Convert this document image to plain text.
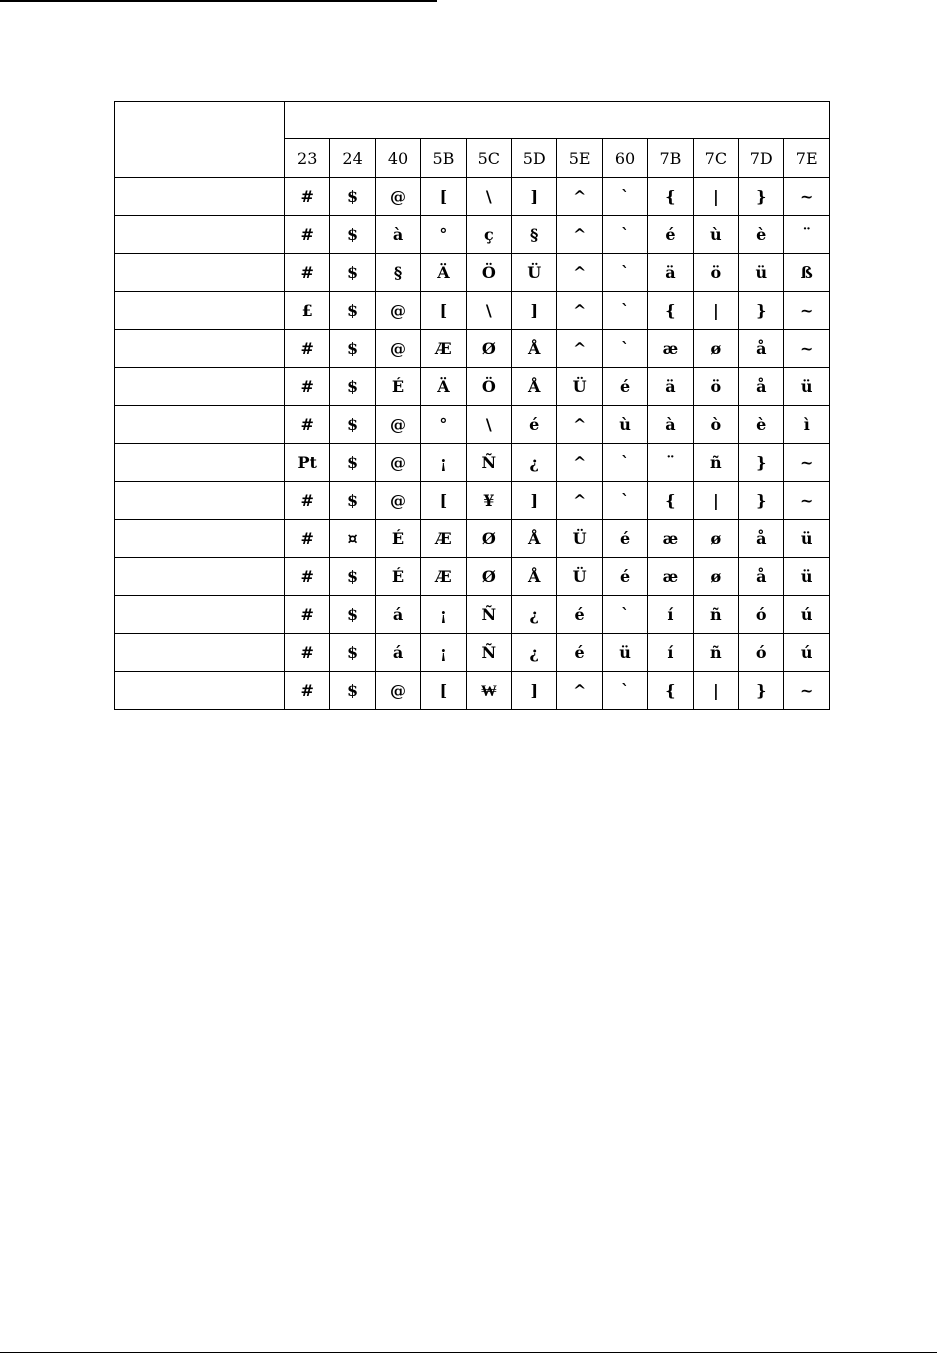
	23	24	40	5B	5C	5D	5E	60	7B	7C	7D	7E
	#	$	@	[	\	]	^	`	{	|	}	~
	#	$	à	°	ç	§	^	`	é	ù	è	¨
	#	$	§	Ä	Ö	Ü	^	`	ä	ö	ü	ß
	£	$	@	[	\	]	^	`	{	|	}	~
	#	$	@	Æ	Ø	Å	^	`	æ	ø	å	~
	#	$	É	Ä	Ö	Å	Ü	é	ä	ö	å	ü
	#	$	@	°	\	é	^	ù	à	ò	è	ì
	Pt	$	@	¡	Ñ	¿	^	`	¨	ñ	}	~
	#	$	@	[	¥	]	^	`	{	|	}	~
	#	¤	É	Æ	Ø	Å	Ü	é	æ	ø	å	ü
	#	$	É	Æ	Ø	Å	Ü	é	æ	ø	å	ü
	#	$	á	¡	Ñ	¿	é	`	í	ñ	ó	ú
	#	$	á	¡	Ñ	¿	é	ü	í	ñ	ó	ú
	#	$	@	[	₩	]	^	`	{	|	}	~
